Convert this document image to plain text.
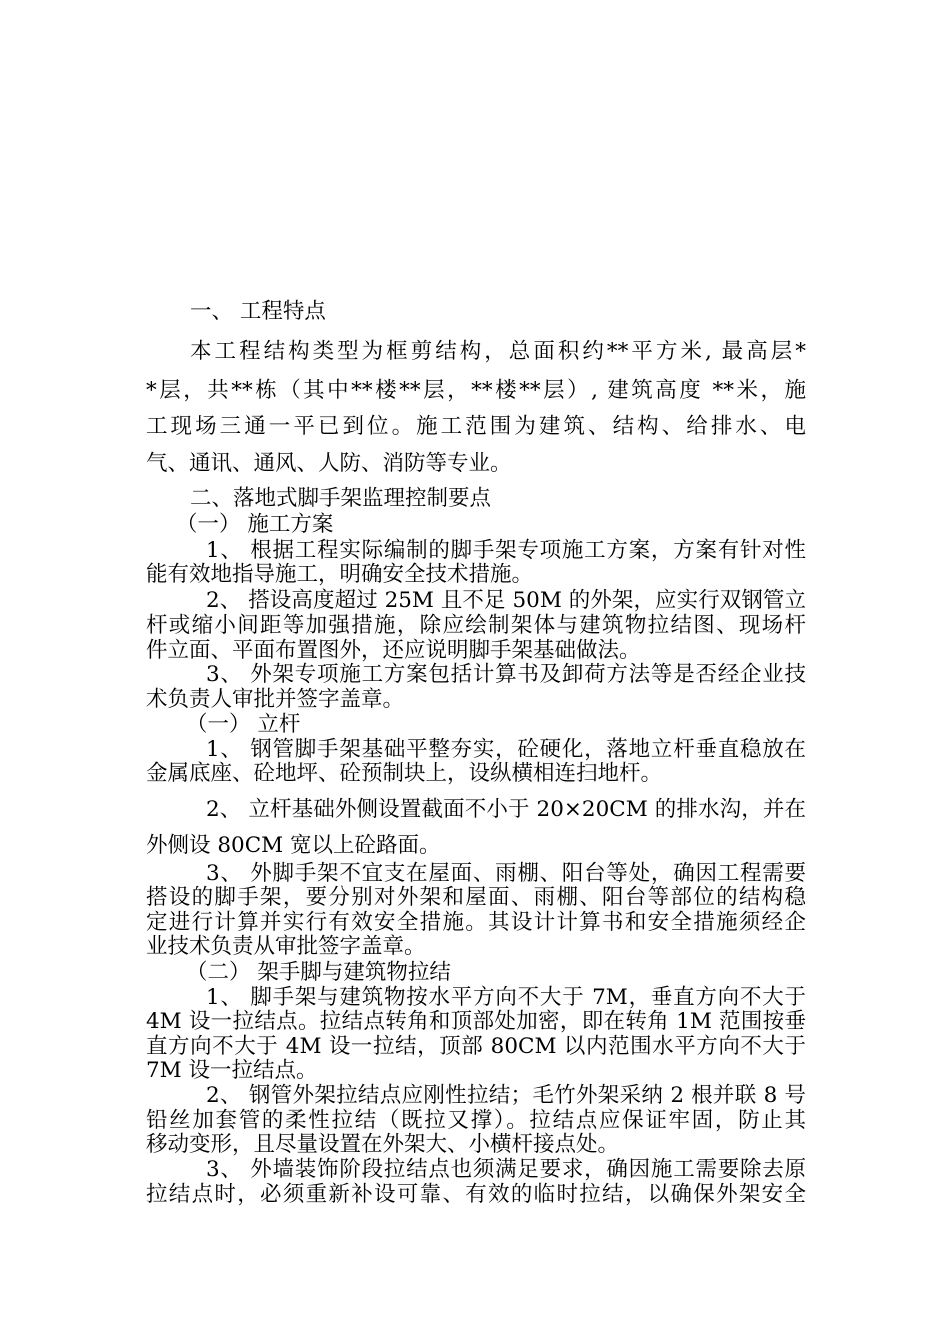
一、 工程特点

本工程结构类型为框剪结构，总面积约**平方米, 最高层*

*层，共**栋（其中**楼**层，**楼**层）, 建筑高度 **米，施

工现场三通一平已到位。施工范围为建筑、结构、给排水、电

气、通讯、通风、人防、消防等专业。

二、落地式脚手架监理控制要点

（一） 施工方案

1、 根据工程实际编制的脚手架专项施工方案，方案有针对性

能有效地指导施工，明确安全技术措施。

2、 搭设高度超过 25M 且不足 50M 的外架，应实行双钢管立

杆或缩小间距等加强措施，除应绘制架体与建筑物拉结图、现场杆

件立面、平面布置图外，还应说明脚手架基础做法。

3、 外架专项施工方案包括计算书及卸荷方法等是否经企业技

术负责人审批并签字盖章。

（一） 立杆

1、 钢管脚手架基础平整夯实，砼硬化，落地立杆垂直稳放在

金属底座、砼地坪、砼预制块上，设纵横相连扫地杆。

2、 立杆基础外侧设置截面不小于 20×20CM 的排水沟，并在

外侧设 80CM 宽以上砼路面。

3、 外脚手架不宜支在屋面、雨棚、阳台等处，确因工程需要

搭设的脚手架，要分别对外架和屋面、雨棚、阳台等部位的结构稳

定进行计算并实行有效安全措施。其设计计算书和安全措施须经企

业技术负责从审批签字盖章。

（二） 架手脚与建筑物拉结

1、 脚手架与建筑物按水平方向不大于 7M，垂直方向不大于

4M 设一拉结点。拉结点转角和顶部处加密，即在转角 1M 范围按垂

直方向不大于 4M 设一拉结，顶部 80CM 以内范围水平方向不大于

7M 设一拉结点。

2、 钢管外架拉结点应刚性拉结；毛竹外架采纳 2 根并联 8 号

铅丝加套管的柔性拉结（既拉又撑）。拉结点应保证牢固，防止其

移动变形，且尽量设置在外架大、小横杆接点处。

3、 外墙装饰阶段拉结点也须满足要求，确因施工需要除去原

拉结点时，必须重新补设可靠、有效的临时拉结，以确保外架安全
